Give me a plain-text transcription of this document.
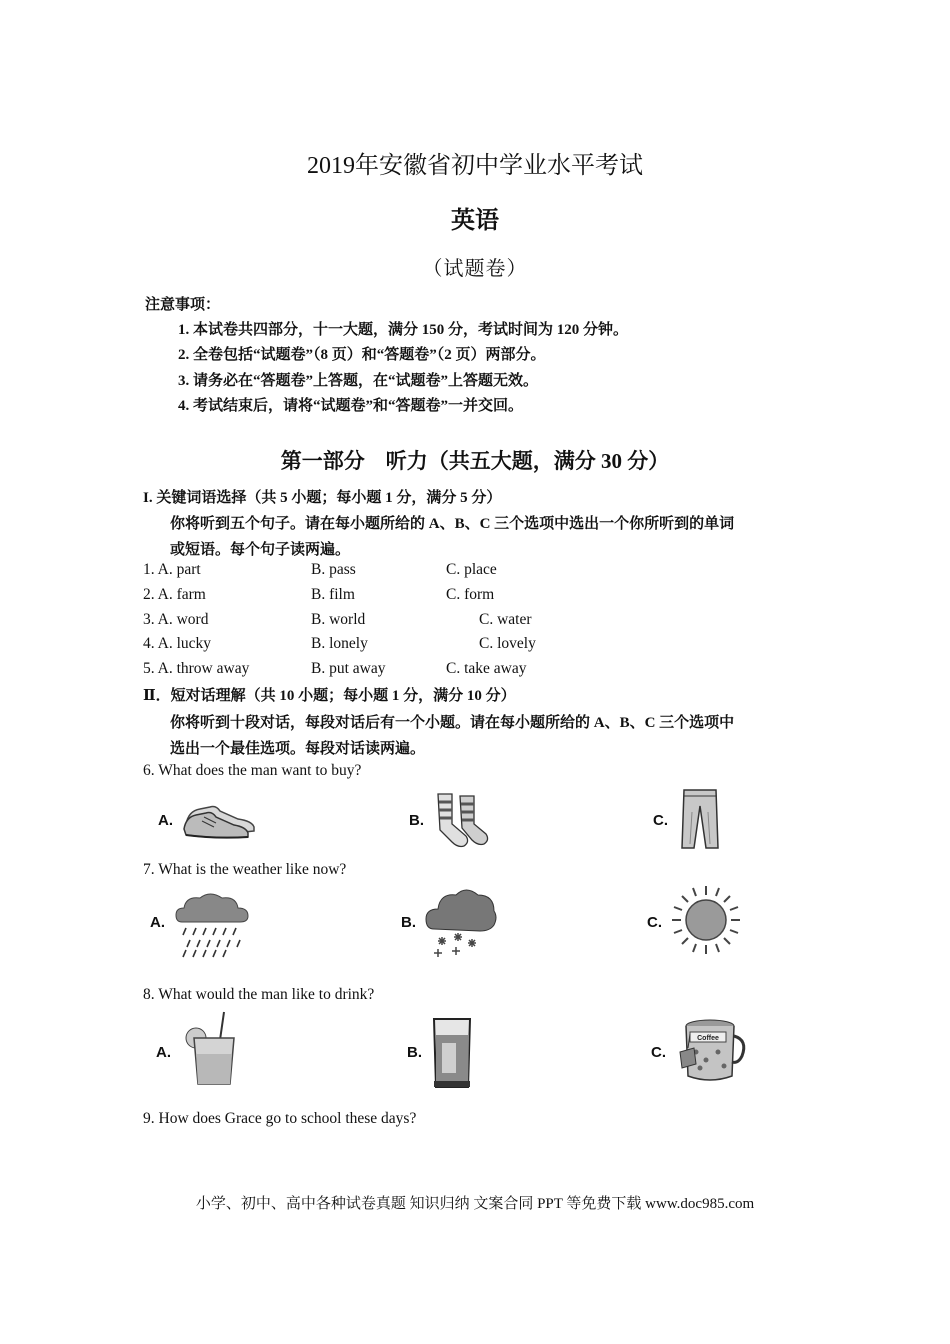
2019年安徽省初中学业水平考试
英语
（试题卷）
注意事项：
1. 本试卷共四部分，十一大题，满分 150 分，考试时间为 120 分钟。
2. 全卷包括“试题卷”（8 页）和“答题卷”（2 页）两部分。
3. 请务必在“答题卷”上答题，在“试题卷”上答题无效。
4. 考试结束后，请将“试题卷”和“答题卷”一并交回。
第一部分　听力（共五大题，满分 30 分）
I. 关键词语选择（共 5 小题；每小题 1 分，满分 5 分）
你将听到五个句子。请在每小题所给的 A、B、C 三个选项中选出一个你所听到的单词
或短语。每个句子读两遍。
1. A. part	B. pass	C. place
2. A. farm	B. film	C. form
3. A. word	B. world	C. water
4. A. lucky	B. lonely	C. lovely
5. A. throw away	B. put away	C. take away
Ⅱ．短对话理解（共 10 小题；每小题 1 分，满分 10 分）
你将听到十段对话，每段对话后有一个小题。请在每小题所给的 A、B、C 三个选项中
选出一个最佳选项。每段对话读两遍。
6. What does the man want to buy?
A.	B.	C.
7. What is the weather like now?
A.	B.	C.
8. What would the man like to drink?
A.	B.	C.
Coffee
9. How does Grace go to school these days?
小学、初中、高中各种试卷真题 知识归纳 文案合同 PPT 等免费下载 www.doc985.com
